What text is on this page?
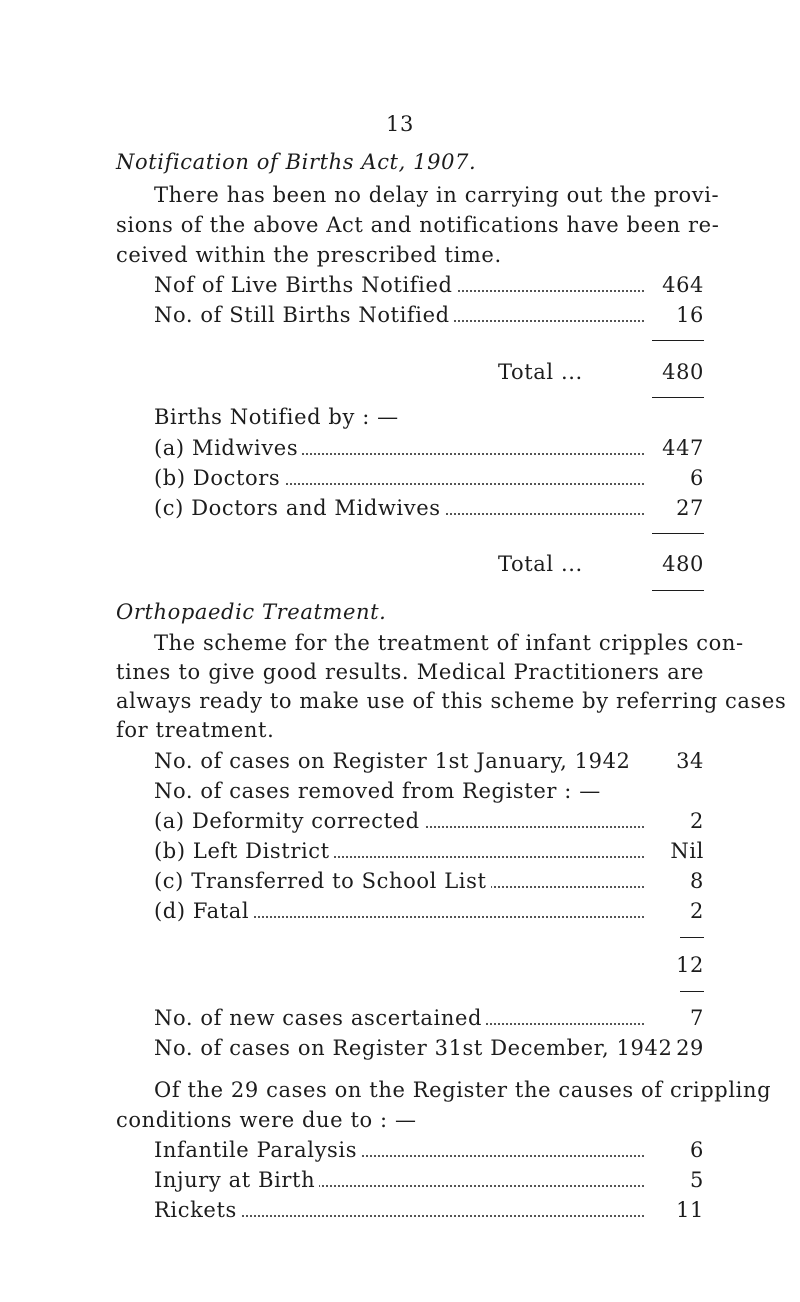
13
Notification of Births Act, 1907.
There has been no delay in carrying out the provi-
sions of the above Act and notifications have been re-
ceived within the prescribed time.
Nof of Live Births Notified	464
No. of Still Births Notified	16
Total ...	480
Births Notified by : —
(a) Midwives	447
(b) Doctors	6
(c) Doctors and Midwives	27
Total ...	480
Orthopaedic Treatment.
The scheme for the treatment of infant cripples con-
tines to give good results. Medical Practitioners are
always ready to make use of this scheme by referring cases
for treatment.
No. of cases on Register 1st January, 1942	34
No. of cases removed from Register : —
(a) Deformity corrected	2
(b) Left District	Nil
(c) Transferred to School List	8
(d) Fatal	2
12
No. of new cases ascertained	7
No. of cases on Register 31st December, 1942 29
Of the 29 cases on the Register the causes of crippling
conditions were due to : —
Infantile Paralysis	6
Injury at Birth	5
Rickets	11
